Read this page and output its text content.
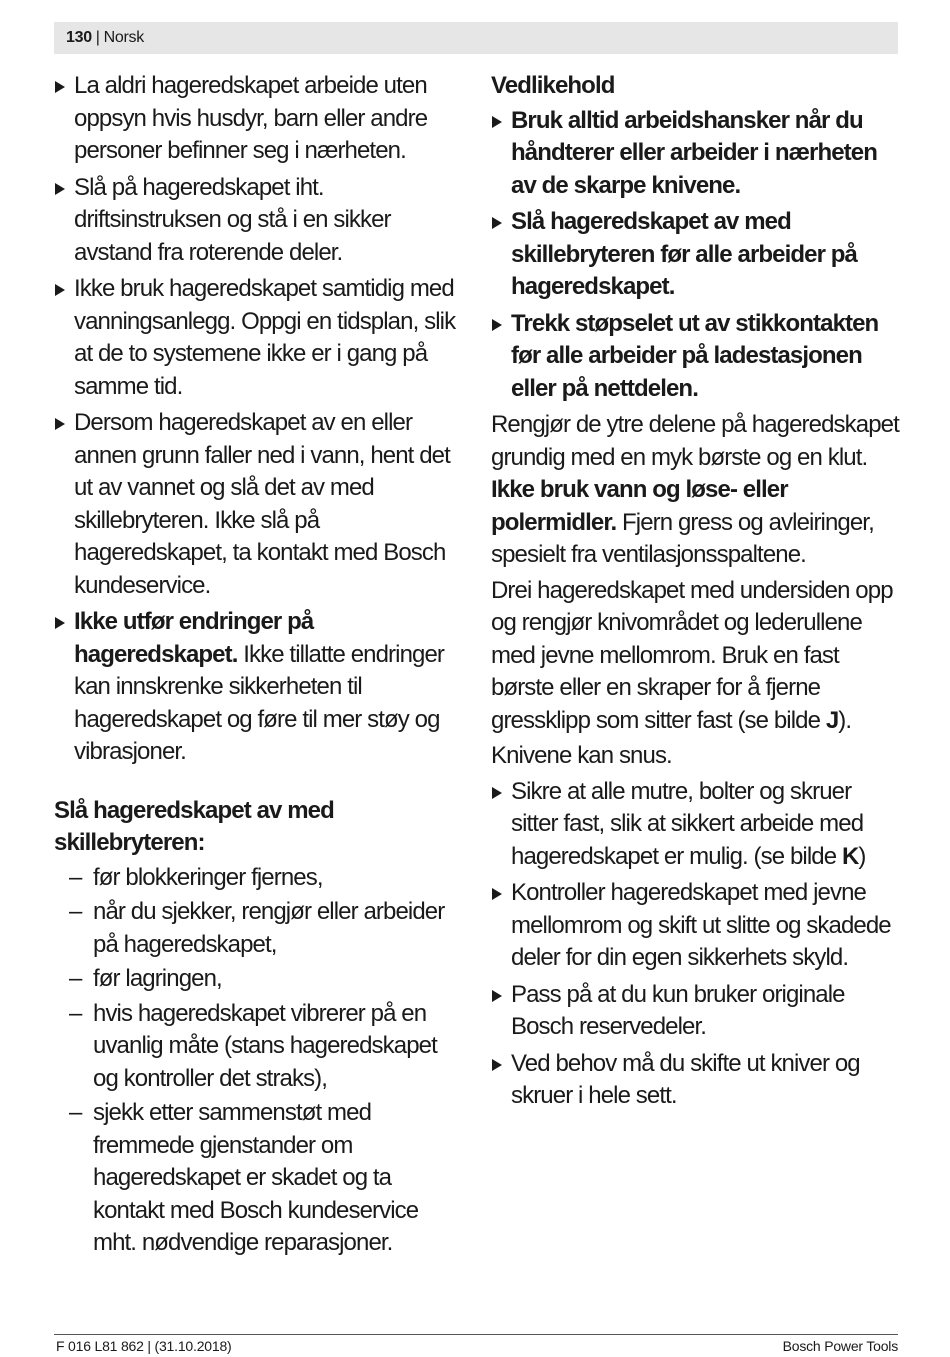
130 | Norsk
La aldri hageredskapet arbeide uten oppsyn hvis husdyr, barn eller andre personer befinner seg i nærheten.
Slå på hageredskapet iht. driftsinstruksen og stå i en sikker avstand fra roterende deler.
Ikke bruk hageredskapet samtidig med vanningsanlegg. Oppgi en tidsplan, slik at de to systemene ikke er i gang på samme tid.
Dersom hageredskapet av en eller annen grunn faller ned i vann, hent det ut av vannet og slå det av med skillebryteren. Ikke slå på hageredskapet, ta kontakt med Bosch kundeservice.
Ikke utfør endringer på hageredskapet. Ikke tillatte endringer kan innskrenke sikkerheten til hageredskapet og føre til mer støy og vibrasjoner.
Slå hageredskapet av med skillebryteren:
– før blokkeringer fjernes,
– når du sjekker, rengjør eller arbeider på hageredskapet,
– før lagringen,
– hvis hageredskapet vibrerer på en uvanlig måte (stans hageredskapet og kontroller det straks),
– sjekk etter sammenstøt med fremmede gjenstander om hageredskapet er skadet og ta kontakt med Bosch kundeservice mht. nødvendige reparasjoner.
Vedlikehold
Bruk alltid arbeidshansker når du håndterer eller arbeider i nærheten av de skarpe knivene.
Slå hageredskapet av med skillebryteren før alle arbeider på hageredskapet.
Trekk støpselet ut av stikkontakten før alle arbeider på ladestasjonen eller på nettdelen.
Rengjør de ytre delene på hageredskapet grundig med en myk børste og en klut. Ikke bruk vann og løse- eller polermidler. Fjern gress og avleiringer, spesielt fra ventilasjonsspaltene.
Drei hageredskapet med undersiden opp og rengjør knivområdet og lederullene med jevne mellomrom. Bruk en fast børste eller en skraper for å fjerne gressklipp som sitter fast (se bilde J).
Knivene kan snus.
Sikre at alle mutre, bolter og skruer sitter fast, slik at sikkert arbeide med hageredskapet er mulig. (se bilde K)
Kontroller hageredskapet med jevne mellomrom og skift ut slitte og skadede deler for din egen sikkerhets skyld.
Pass på at du kun bruker originale Bosch reservedeler.
Ved behov må du skifte ut kniver og skruer i hele sett.
F 016 L81 862 | (31.10.2018)	Bosch Power Tools
